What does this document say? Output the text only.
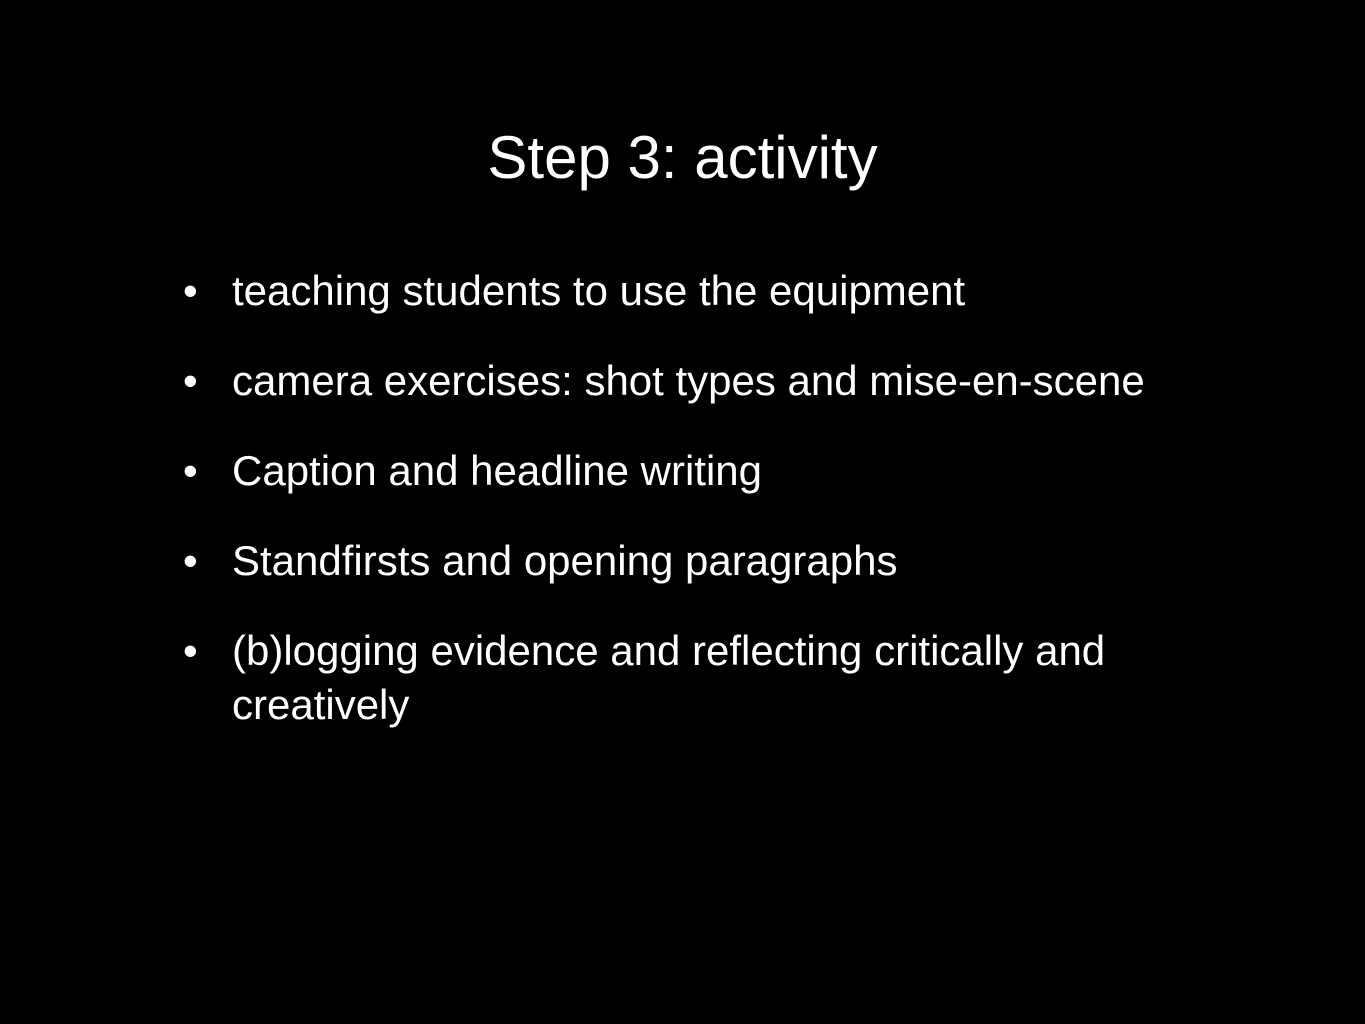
Step 3: activity
• teaching students to use the equipment
• camera exercises: shot types and mise-en-scene
• Caption and headline writing
• Standfirsts and opening paragraphs
• (b)logging evidence and reflecting critically and creatively
